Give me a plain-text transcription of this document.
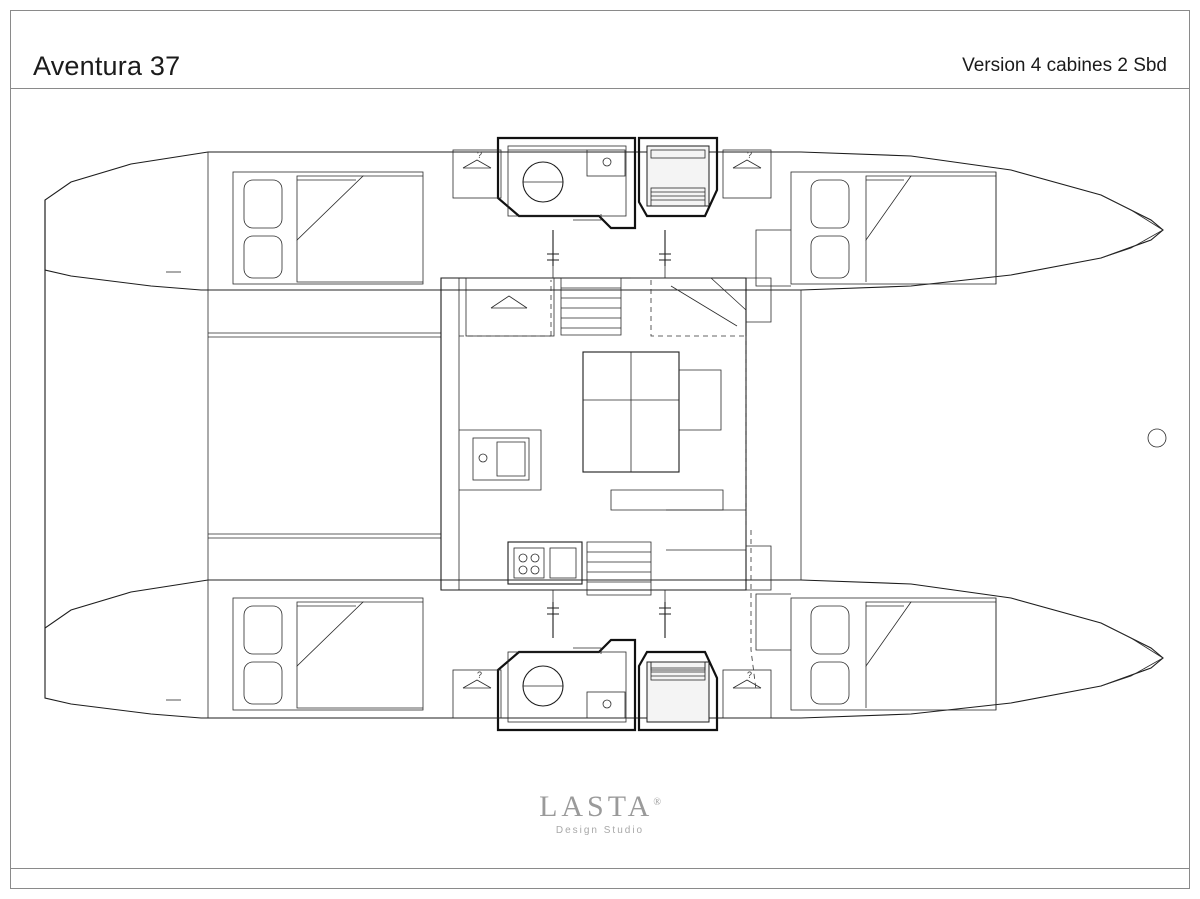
Aventura 37	Version 4 cabines 2 Sbd
?	?
?	?
LASTA®
Design Studio
